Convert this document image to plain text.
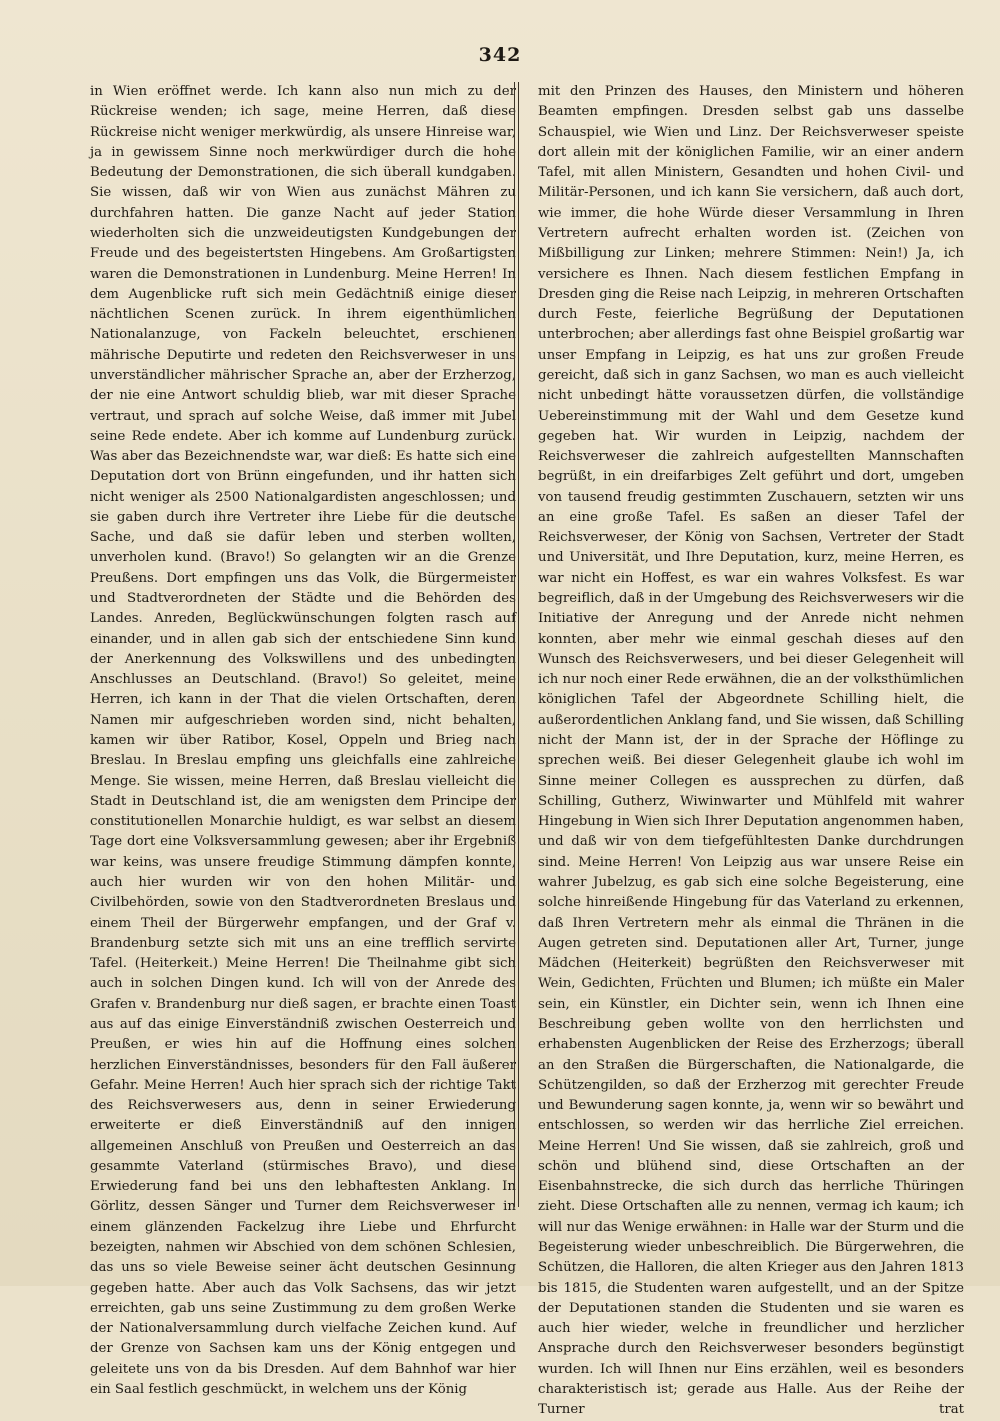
342

in Wien eröffnet werde. Ich kann also nun mich zu der Rückreise wenden; ich sage, meine Herren, daß diese Rückreise nicht weniger merkwürdig, als unsere Hinreise war, ja in gewissem Sinne noch merkwürdiger durch die hohe Bedeutung der Demonstrationen, die sich überall kundgaben. Sie wissen, daß wir von Wien aus zunächst Mähren zu durchfahren hatten. Die ganze Nacht auf jeder Station wiederholten sich die unzweideutigsten Kundgebungen der Freude und des begeistertsten Hingebens. Am Großartigsten waren die Demonstrationen in Lundenburg. Meine Herren! In dem Augenblicke ruft sich mein Gedächtniß einige dieser nächtlichen Scenen zurück. In ihrem eigenthümlichen Nationalanzuge, von Fackeln beleuchtet, erschienen mährische Deputirte und redeten den Reichsverweser in uns unverständlicher mährischer Sprache an, aber der Erzherzog, der nie eine Antwort schuldig blieb, war mit dieser Sprache vertraut, und sprach auf solche Weise, daß immer mit Jubel seine Rede endete. Aber ich komme auf Lundenburg zurück. Was aber das Bezeichnendste war, war dieß: Es hatte sich eine Deputation dort von Brünn eingefunden, und ihr hatten sich nicht weniger als 2500 Nationalgardisten angeschlossen; und sie gaben durch ihre Vertreter ihre Liebe für die deutsche Sache, und daß sie dafür leben und sterben wollten, unverholen kund. (Bravo!) So gelangten wir an die Grenze Preußens. Dort empfingen uns das Volk, die Bürgermeister und Stadtverordneten der Städte und die Behörden des Landes. Anreden, Beglückwünschungen folgten rasch auf einander, und in allen gab sich der entschiedene Sinn kund der Anerkennung des Volkswillens und des unbedingten Anschlusses an Deutschland. (Bravo!) So geleitet, meine Herren, ich kann in der That die vielen Ortschaften, deren Namen mir aufgeschrieben worden sind, nicht behalten, kamen wir über Ratibor, Kosel, Oppeln und Brieg nach Breslau. In Breslau empfing uns gleichfalls eine zahlreiche Menge. Sie wissen, meine Herren, daß Breslau vielleicht die Stadt in Deutschland ist, die am wenigsten dem Principe der constitutionellen Monarchie huldigt, es war selbst an diesem Tage dort eine Volksversammlung gewesen; aber ihr Ergebniß war keins, was unsere freudige Stimmung dämpfen konnte, auch hier wurden wir von den hohen Militär- und Civilbehörden, sowie von den Stadtverordneten Breslaus und einem Theil der Bürgerwehr empfangen, und der Graf v. Brandenburg setzte sich mit uns an eine trefflich servirte Tafel. (Heiterkeit.) Meine Herren! Die Theilnahme gibt sich auch in solchen Dingen kund. Ich will von der Anrede des Grafen v. Brandenburg nur dieß sagen, er brachte einen Toast aus auf das einige Einverständniß zwischen Oesterreich und Preußen, er wies hin auf die Hoffnung eines solchen herzlichen Einverständnisses, besonders für den Fall äußerer Gefahr. Meine Herren! Auch hier sprach sich der richtige Takt des Reichsverwesers aus, denn in seiner Erwiederung erweiterte er dieß Einverständniß auf den innigen allgemeinen Anschluß von Preußen und Oesterreich an das gesammte Vaterland (stürmisches Bravo), und diese Erwiederung fand bei uns den lebhaftesten Anklang. In Görlitz, dessen Sänger und Turner dem Reichsverweser in einem glänzenden Fackelzug ihre Liebe und Ehrfurcht bezeigten, nahmen wir Abschied von dem schönen Schlesien, das uns so viele Beweise seiner ächt deutschen Gesinnung gegeben hatte. Aber auch das Volk Sachsens, das wir jetzt erreichten, gab uns seine Zustimmung zu dem großen Werke der Nationalversammlung durch vielfache Zeichen kund. Auf der Grenze von Sachsen kam uns der König entgegen und geleitete uns von da bis Dresden. Auf dem Bahnhof war hier ein Saal festlich geschmückt, in welchem uns der König

mit den Prinzen des Hauses, den Ministern und höheren Beamten empfingen. Dresden selbst gab uns dasselbe Schauspiel, wie Wien und Linz. Der Reichsverweser speiste dort allein mit der königlichen Familie, wir an einer andern Tafel, mit allen Ministern, Gesandten und hohen Civil- und Militär-Personen, und ich kann Sie versichern, daß auch dort, wie immer, die hohe Würde dieser Versammlung in Ihren Vertretern aufrecht erhalten worden ist. (Zeichen von Mißbilligung zur Linken; mehrere Stimmen: Nein!) Ja, ich versichere es Ihnen. Nach diesem festlichen Empfang in Dresden ging die Reise nach Leipzig, in mehreren Ortschaften durch Feste, feierliche Begrüßung der Deputationen unterbrochen; aber allerdings fast ohne Beispiel großartig war unser Empfang in Leipzig, es hat uns zur großen Freude gereicht, daß sich in ganz Sachsen, wo man es auch vielleicht nicht unbedingt hätte voraussetzen dürfen, die vollständige Uebereinstimmung mit der Wahl und dem Gesetze kund gegeben hat. Wir wurden in Leipzig, nachdem der Reichsverweser die zahlreich aufgestellten Mannschaften begrüßt, in ein dreifarbiges Zelt geführt und dort, umgeben von tausend freudig gestimmten Zuschauern, setzten wir uns an eine große Tafel. Es saßen an dieser Tafel der Reichsverweser, der König von Sachsen, Vertreter der Stadt und Universität, und Ihre Deputation, kurz, meine Herren, es war nicht ein Hoffest, es war ein wahres Volksfest. Es war begreiflich, daß in der Umgebung des Reichsverwesers wir die Initiative der Anregung und der Anrede nicht nehmen konnten, aber mehr wie einmal geschah dieses auf den Wunsch des Reichsverwesers, und bei dieser Gelegenheit will ich nur noch einer Rede erwähnen, die an der volksthümlichen königlichen Tafel der Abgeordnete Schilling hielt, die außerordentlichen Anklang fand, und Sie wissen, daß Schilling nicht der Mann ist, der in der Sprache der Höflinge zu sprechen weiß. Bei dieser Gelegenheit glaube ich wohl im Sinne meiner Collegen es aussprechen zu dürfen, daß Schilling, Gutherz, Wiwinwarter und Mühlfeld mit wahrer Hingebung in Wien sich Ihrer Deputation angenommen haben, und daß wir von dem tiefgefühltesten Danke durchdrungen sind. Meine Herren! Von Leipzig aus war unsere Reise ein wahrer Jubelzug, es gab sich eine solche Begeisterung, eine solche hinreißende Hingebung für das Vaterland zu erkennen, daß Ihren Vertretern mehr als einmal die Thränen in die Augen getreten sind. Deputationen aller Art, Turner, junge Mädchen (Heiterkeit) begrüßten den Reichsverweser mit Wein, Gedichten, Früchten und Blumen; ich müßte ein Maler sein, ein Künstler, ein Dichter sein, wenn ich Ihnen eine Beschreibung geben wollte von den herrlichsten und erhabensten Augenblicken der Reise des Erzherzogs; überall an den Straßen die Bürgerschaften, die Nationalgarde, die Schützengilden, so daß der Erzherzog mit gerechter Freude und Bewunderung sagen konnte, ja, wenn wir so bewährt und entschlossen, so werden wir das herrliche Ziel erreichen. Meine Herren! Und Sie wissen, daß sie zahlreich, groß und schön und blühend sind, diese Ortschaften an der Eisenbahnstrecke, die sich durch das herrliche Thüringen zieht. Diese Ortschaften alle zu nennen, vermag ich kaum; ich will nur das Wenige erwähnen: in Halle war der Sturm und die Begeisterung wieder unbeschreiblich. Die Bürgerwehren, die Schützen, die Halloren, die alten Krieger aus den Jahren 1813 bis 1815, die Studenten waren aufgestellt, und an der Spitze der Deputationen standen die Studenten und sie waren es auch hier wieder, welche in freundlicher und herzlicher Ansprache durch den Reichsverweser besonders begünstigt wurden. Ich will Ihnen nur Eins erzählen, weil es besonders charakteristisch ist; gerade aus Halle. Aus der Reihe der Turner trat
